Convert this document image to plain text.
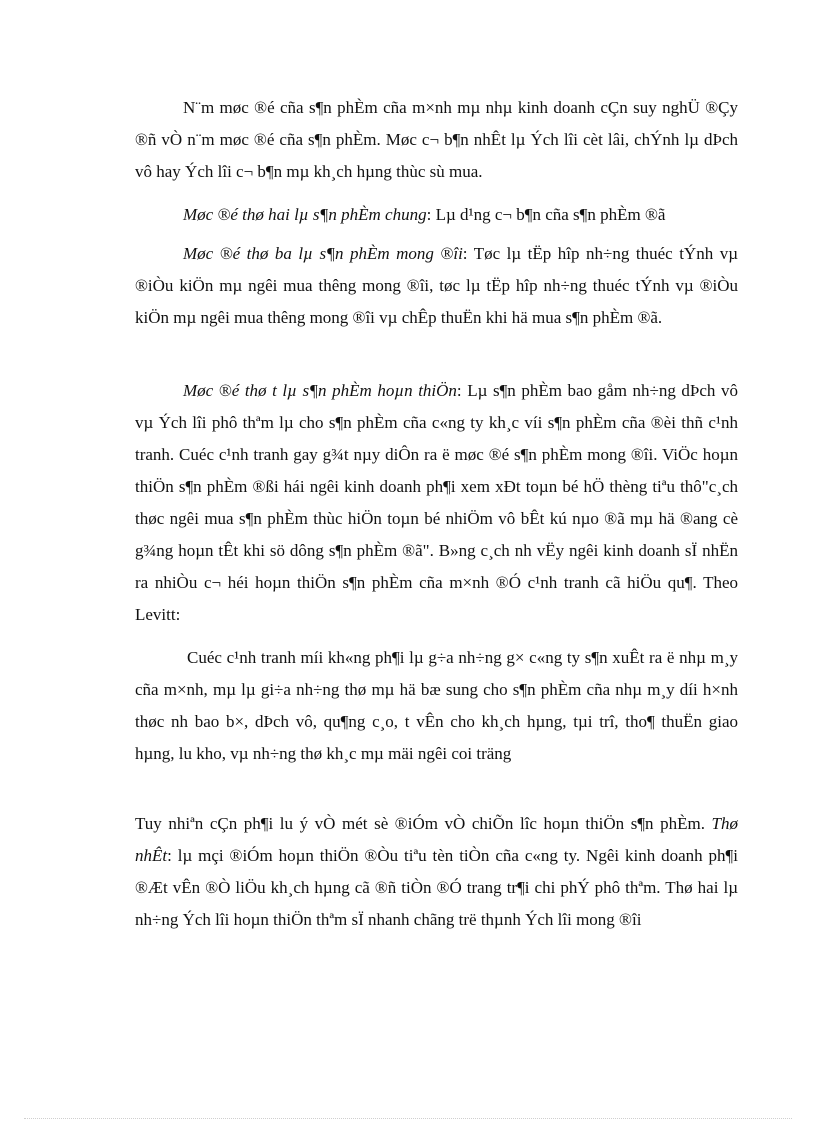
N¨m møc ®é cña s¶n phÈm cña m×nh mµ nhµ kinh doanh cÇn suy nghÜ ®Çy ®ñ vÒ n¨m møc ®é cña s¶n phÈm. Møc c¬ b¶n nhÊt lµ Ých lîi cèt lâi, chÝnh lµ dÞch vô hay Ých lîi c¬ b¶n mµ kh¸ch hµng thùc sù mua.

Møc ®é thø hai lµ s¶n phÈm chung: Lµ d¹ng c¬ b¶n cña s¶n phÈm ®ã

Møc ®é thø ba lµ s¶n phÈm mong ®îi: Tøc lµ tËp hîp nh÷ng thuéc tÝnh vµ ®iÒu kiÖn mµ ngêi mua thêng mong ®îi, tøc lµ tËp hîp nh÷ng thuéc tÝnh vµ ®iÒu kiÖn mµ ngêi mua thêng mong ®îi vµ chÊp thuËn khi hä mua s¶n phÈm ®ã.

Møc ®é thø t lµ s¶n phÈm hoµn thiÖn: Lµ s¶n phÈm bao gåm nh÷ng dÞch vô vµ Ých lîi phô thªm lµ cho s¶n phÈm cña c«ng ty kh¸c víi s¶n phÈm cña ®èi thñ c¹nh tranh. Cuéc c¹nh tranh gay g¾t nµy diÔn ra ë møc ®é s¶n phÈm mong ®îi. ViÖc hoµn thiÖn s¶n phÈm ®ßi hái ngêi kinh doanh ph¶i xem xÐt toµn bé hÖ thèng tiªu thô"c¸ch thøc ngêi mua s¶n phÈm thùc hiÖn toµn bé nhiÖm vô bÊt kú nµo ®ã mµ hä ®ang cè g¾ng hoµn tÊt khi sö dông s¶n phÈm ®ã". B»ng c¸ch nh vËy ngêi kinh doanh sÏ nhËn ra nhiÒu c¬ héi hoµn thiÖn s¶n phÈm cña m×nh ®Ó c¹nh tranh cã hiÖu qu¶. Theo Levitt:

Cuéc c¹nh tranh míi kh«ng ph¶i lµ g÷a nh÷ng g× c«ng ty s¶n xuÊt ra ë nhµ m¸y cña m×nh, mµ lµ gi÷a nh÷ng thø mµ hä bæ sung cho s¶n phÈm cña nhµ m¸y díi h×nh thøc nh bao b×, dÞch vô, qu¶ng c¸o, t vÊn cho kh¸ch hµng, tµi trî, tho¶ thuËn giao hµng, lu kho, vµ nh÷ng thø kh¸c mµ mäi ngêi coi träng

Tuy nhiªn cÇn ph¶i lu ý vÒ mét sè ®iÓm vÒ chiÕn lîc hoµn thiÖn s¶n phÈm. Thø nhÊt: lµ mçi ®iÓm hoµn thiÖn ®Òu tiªu tèn tiÒn cña c«ng ty. Ngêi kinh doanh ph¶i ®Æt vÊn ®Ò liÖu kh¸ch hµng cã ®ñ tiÒn ®Ó trang tr¶i chi phÝ phô thªm. Thø hai lµ nh÷ng Ých lîi hoµn thiÖn thªm sÏ nhanh chãng trë thµnh Ých lîi mong ®îi
